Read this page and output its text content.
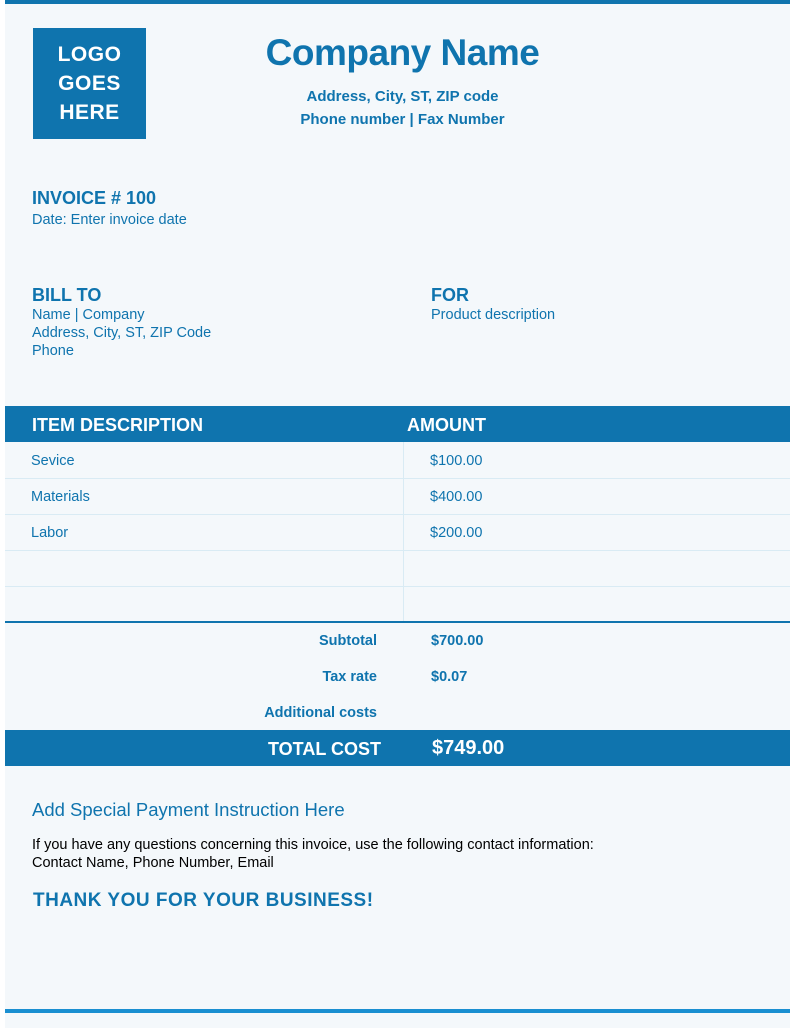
LOGO
GOES
HERE
Company Name
Address, City, ST, ZIP code
Phone number | Fax Number
INVOICE # 100
Date: Enter invoice date
BILL TO
Name | Company
Address, City, ST, ZIP Code
Phone
FOR
Product description
ITEM DESCRIPTION	AMOUNT
Sevice	$100.00
Materials	$400.00
Labor	$200.00
Subtotal	$700.00
Tax rate	$0.07
Additional costs
TOTAL COST	$749.00
Add Special Payment Instruction Here
If you have any questions concerning this invoice, use the following contact information:
Contact Name, Phone Number, Email
THANK YOU FOR YOUR BUSINESS!
